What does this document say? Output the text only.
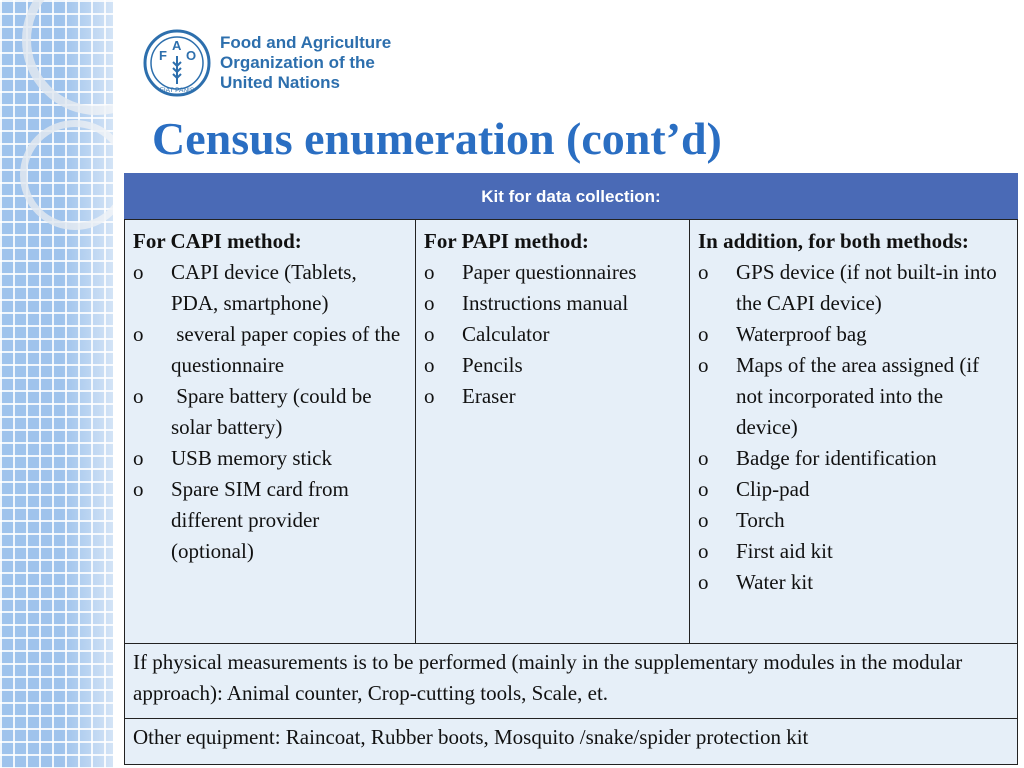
F
A
O
FIAT PANIS
Food and Agriculture
Organization of the
United Nations
Census enumeration (cont’d)
Kit for data collection:

For CAPI method:
o	CAPI device (Tablets, PDA, smartphone)
o	several paper copies of the questionnaire
o	Spare battery (could be solar battery)
o	USB memory stick
o	Spare SIM card from different provider (optional)

For PAPI method:
o	Paper questionnaires
o	Instructions manual
o	Calculator
o	Pencils
o	Eraser

In addition, for both methods:
o	GPS device (if not built-in into the CAPI device)
o	Waterproof bag
o	Maps of the area assigned (if not incorporated into the device)
o	Badge for identification
o	Clip-pad
o	Torch
o	First aid kit
o	Water kit

If physical measurements is to be performed (mainly in the supplementary modules in the modular approach): Animal counter, Crop-cutting tools, Scale, et.
Other equipment: Raincoat, Rubber boots, Mosquito /snake/spider protection kit
